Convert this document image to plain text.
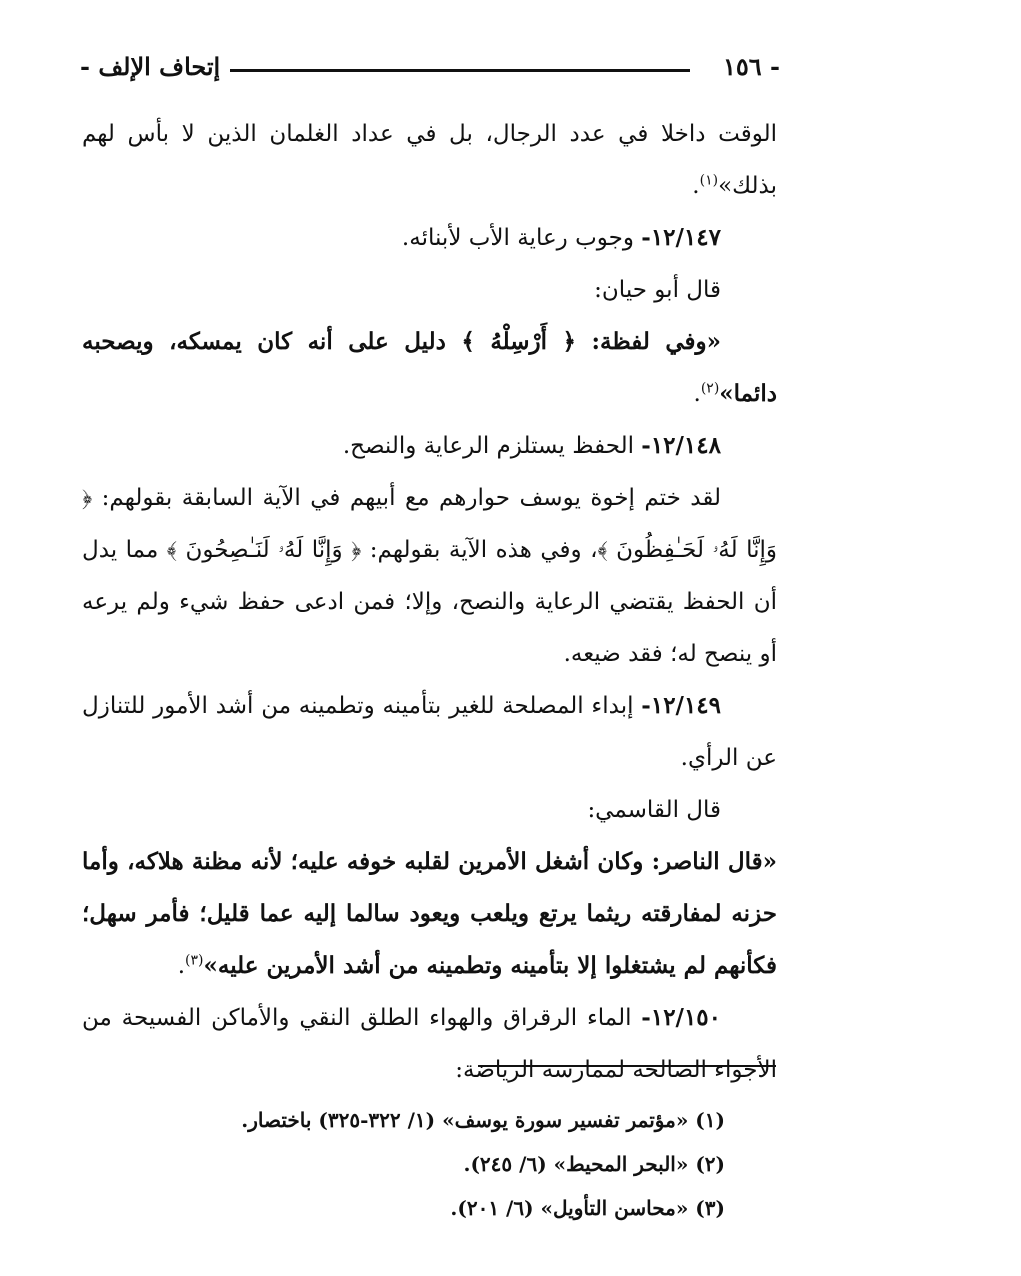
- ١٥٦
إتحاف الإلف -

الوقت داخلا في عدد الرجال، بل في عداد الغلمان الذين لا بأس لهم بذلك»$^{(١)}$.

١٢/١٤٧- وجوب رعاية الأب لأبنائه.

قال أبو حيان:

«وفي لفظة: ﴿ أَرْسِلْهُ ﴾ دليل على أنه كان يمسكه، ويصحبه دائما»$^{(٢)}$.

١٢/١٤٨- الحفظ يستلزم الرعاية والنصح.

لقد ختم إخوة يوسف حوارهم مع أبيهم في الآية السابقة بقولهم: ﴿ وَإِنَّا لَهُۥ لَحَـٰفِظُونَ ﴾، وفي هذه الآية بقولهم: ﴿ وَإِنَّا لَهُۥ لَنَـٰصِحُونَ ﴾ مما يدل أن الحفظ يقتضي الرعاية والنصح، وإلا؛ فمن ادعى حفظ شيء ولم يرعه أو ينصح له؛ فقد ضيعه.

١٢/١٤٩- إبداء المصلحة للغير بتأمينه وتطمينه من أشد الأمور للتنازل عن الرأي.

قال القاسمي:

«قال الناصر: وكان أشغل الأمرين لقلبه خوفه عليه؛ لأنه مظنة هلاكه، وأما حزنه لمفارقته ريثما يرتع ويلعب ويعود سالما إليه عما قليل؛ فأمر سهل؛ فكأنهم لم يشتغلوا إلا بتأمينه وتطمينه من أشد الأمرين عليه»$^{(٣)}$.

١٢/١٥٠- الماء الرقراق والهواء الطلق النقي والأماكن الفسيحة من الأجواء الصالحة لممارسة الرياضة:

(١) «مؤتمر تفسير سورة يوسف» (١/ ٣٢٢-٣٢٥) باختصار.

(٢) «البحر المحيط» (٦/ ٢٤٥).

(٣) «محاسن التأويل» (٦/ ٢٠١).
